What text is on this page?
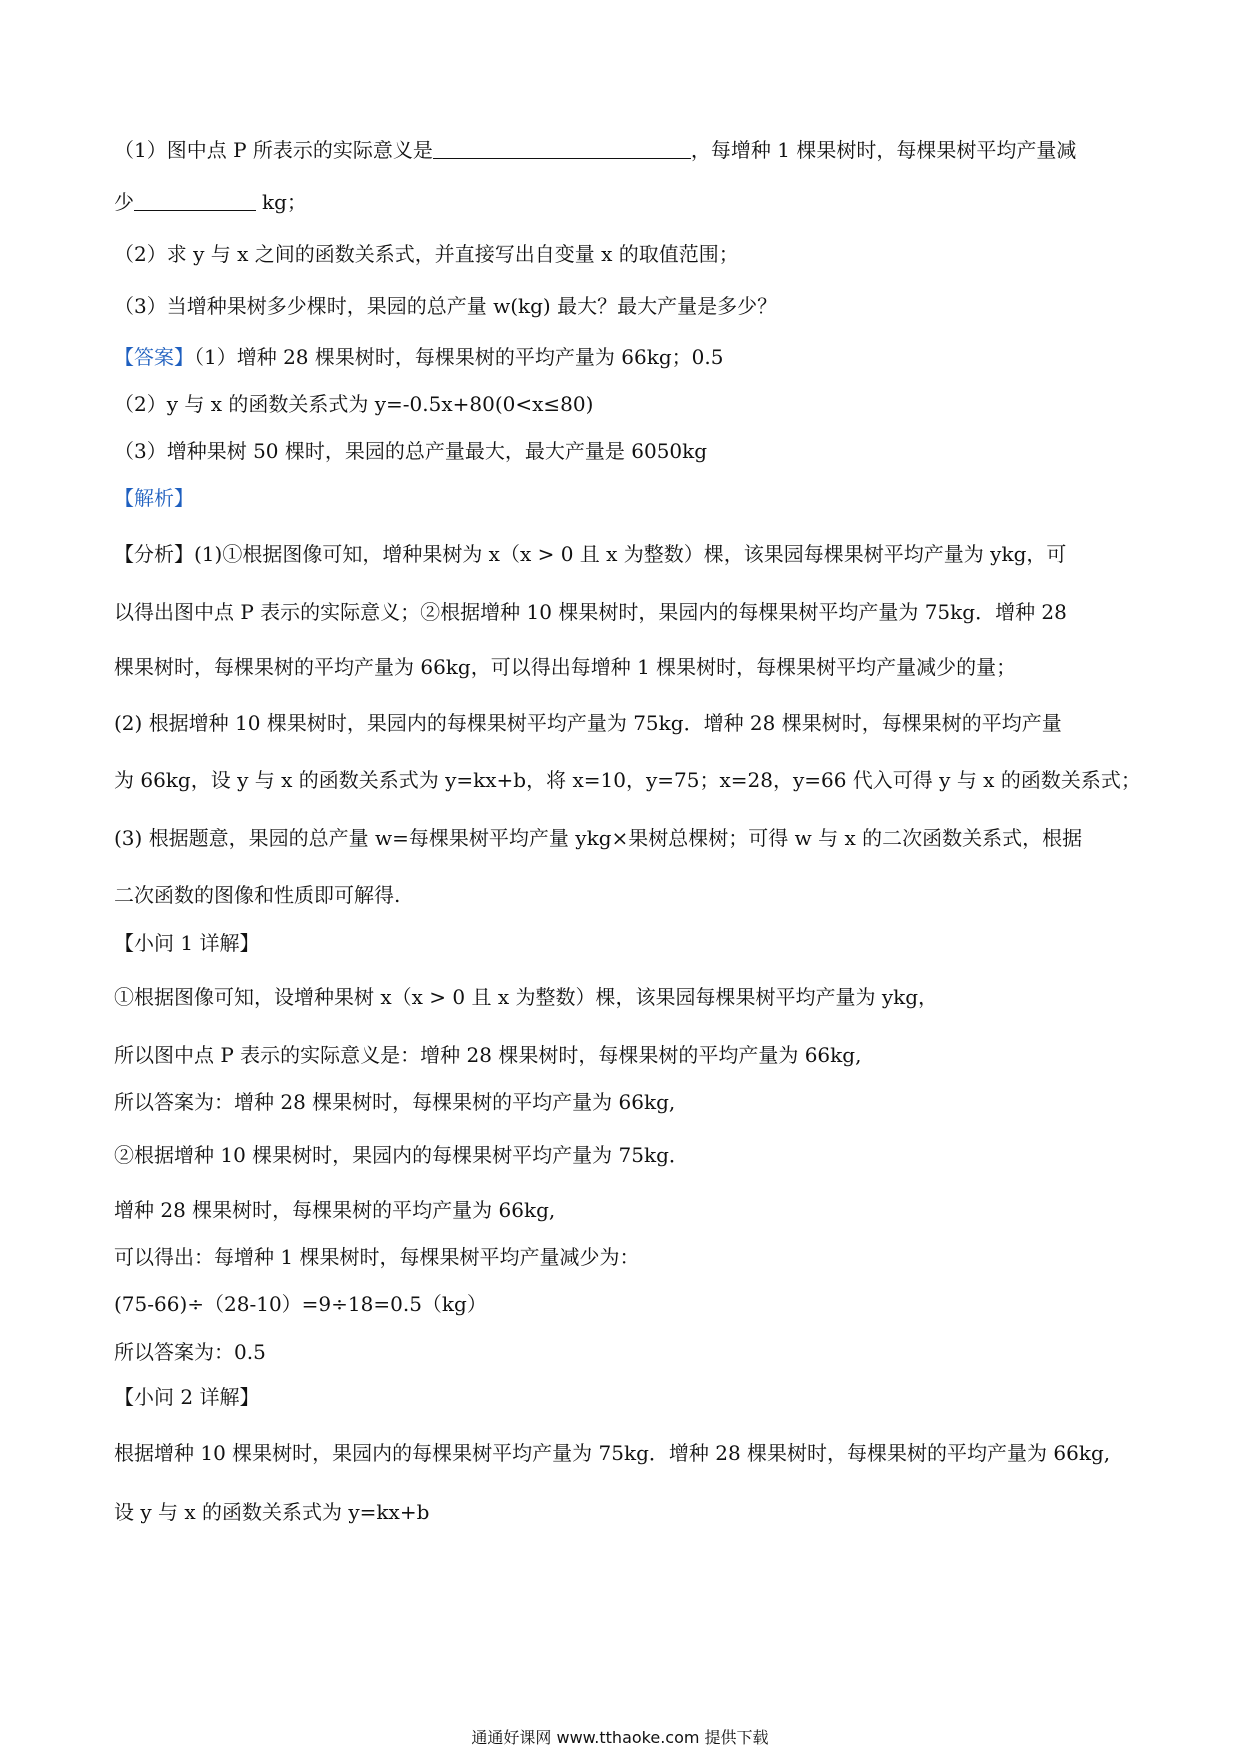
（1）图中点 P 所表示的实际意义是	，每增种 1 棵果树时，每棵果树平均产量减
少	kg；
（2）求 y 与 x 之间的函数关系式，并直接写出自变量 x 的取值范围；
（3）当增种果树多少棵时，果园的总产量 w(kg) 最大？最大产量是多少？
【答案】（1）增种 28 棵果树时，每棵果树的平均产量为 66kg；0.5
（2）y 与 x 的函数关系式为 y=-0.5x+80(0<x≤80)
（3）增种果树 50 棵时，果园的总产量最大，最大产量是 6050kg
【解析】
【分析】(1)①根据图像可知，增种果树为 x（x > 0 且 x 为整数）棵，该果园每棵果树平均产量为 ykg，可
以得出图中点 P 表示的实际意义；②根据增种 10 棵果树时，果园内的每棵果树平均产量为 75kg．增种 28
棵果树时，每棵果树的平均产量为 66kg，可以得出每增种 1 棵果树时，每棵果树平均产量减少的量；
(2) 根据增种 10 棵果树时，果园内的每棵果树平均产量为 75kg．增种 28 棵果树时，每棵果树的平均产量
为 66kg，设 y 与 x 的函数关系式为 y=kx+b，将 x=10，y=75；x=28，y=66 代入可得 y 与 x 的函数关系式；
(3) 根据题意，果园的总产量 w=每棵果树平均产量 ykg×果树总棵树；可得 w 与 x 的二次函数关系式，根据
二次函数的图像和性质即可解得.
【小问 1 详解】
①根据图像可知，设增种果树 x（x > 0 且 x 为整数）棵，该果园每棵果树平均产量为 ykg，
所以图中点 P 表示的实际意义是：增种 28 棵果树时，每棵果树的平均产量为 66kg,
所以答案为：增种 28 棵果树时，每棵果树的平均产量为 66kg,
②根据增种 10 棵果树时，果园内的每棵果树平均产量为 75kg．
增种 28 棵果树时，每棵果树的平均产量为 66kg,
可以得出：每增种 1 棵果树时，每棵果树平均产量减少为：
(75-66)÷（28-10）=9÷18=0.5（kg）
所以答案为：0.5
【小问 2 详解】
根据增种 10 棵果树时，果园内的每棵果树平均产量为 75kg．增种 28 棵果树时，每棵果树的平均产量为 66kg,
设 y 与 x 的函数关系式为 y=kx+b
通通好课网 www.tthaoke.com 提供下载
